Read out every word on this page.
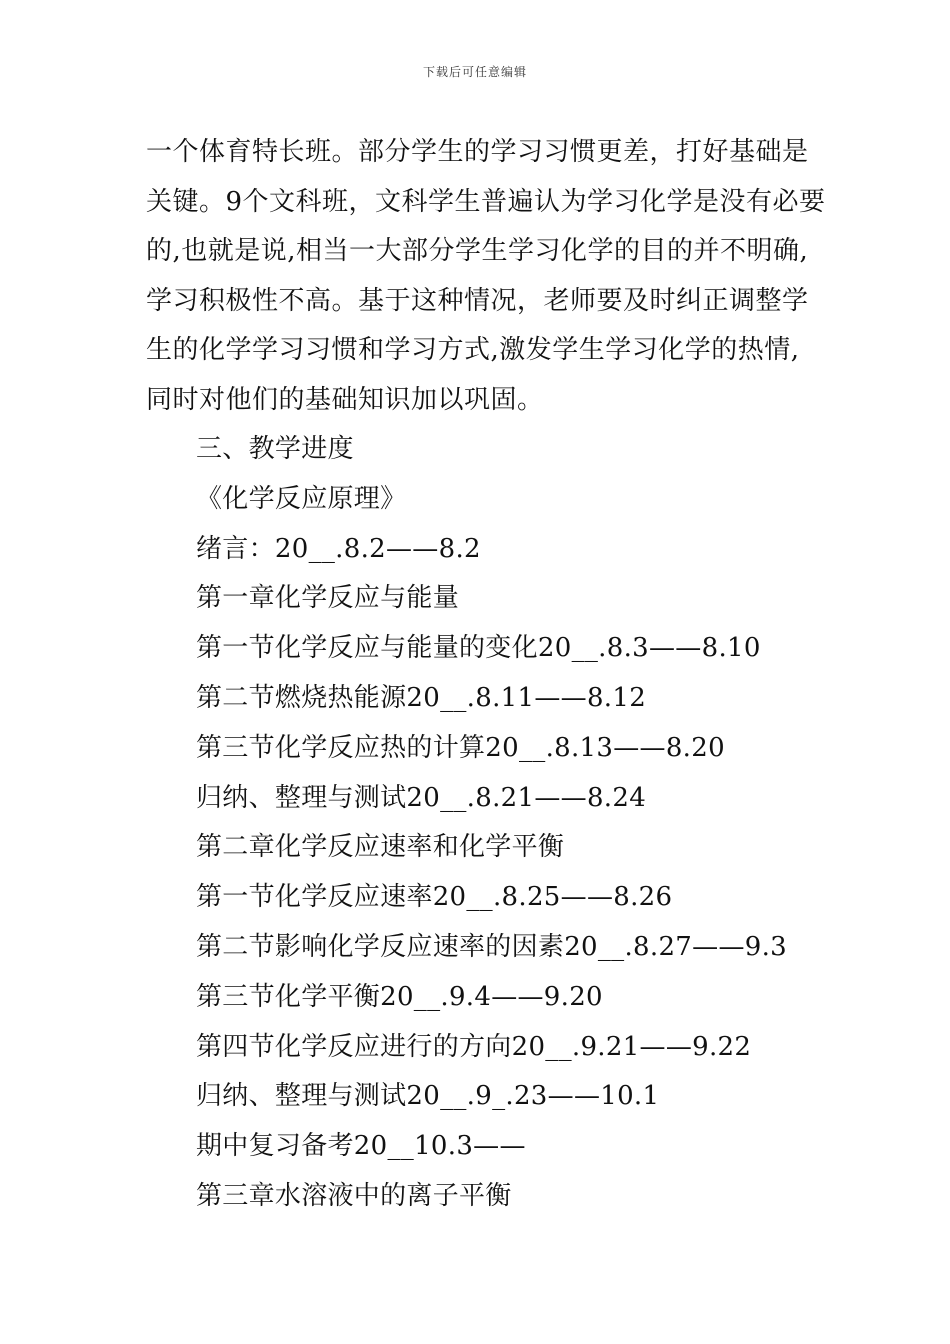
下载后可任意编辑
一个体育特长班。部分学生的学习习惯更差，打好基础是
关键。9个文科班，文科学生普遍认为学习化学是没有必要
的,也就是说,相当一大部分学生学习化学的目的并不明确,
学习积极性不高。基于这种情况，老师要及时纠正调整学
生的化学学习习惯和学习方式,激发学生学习化学的热情,
同时对他们的基础知识加以巩固。
三、教学进度
《化学反应原理》
绪言：20__.8.2——8.2
第一章化学反应与能量
第一节化学反应与能量的变化20__.8.3——8.10
第二节燃烧热能源20__.8.11——8.12
第三节化学反应热的计算20__.8.13——8.20
归纳、整理与测试20__.8.21——8.24
第二章化学反应速率和化学平衡
第一节化学反应速率20__.8.25——8.26
第二节影响化学反应速率的因素20__.8.27——9.3
第三节化学平衡20__.9.4——9.20
第四节化学反应进行的方向20__.9.21——9.22
归纳、整理与测试20__.9_.23——10.1
期中复习备考20__10.3——
第三章水溶液中的离子平衡
